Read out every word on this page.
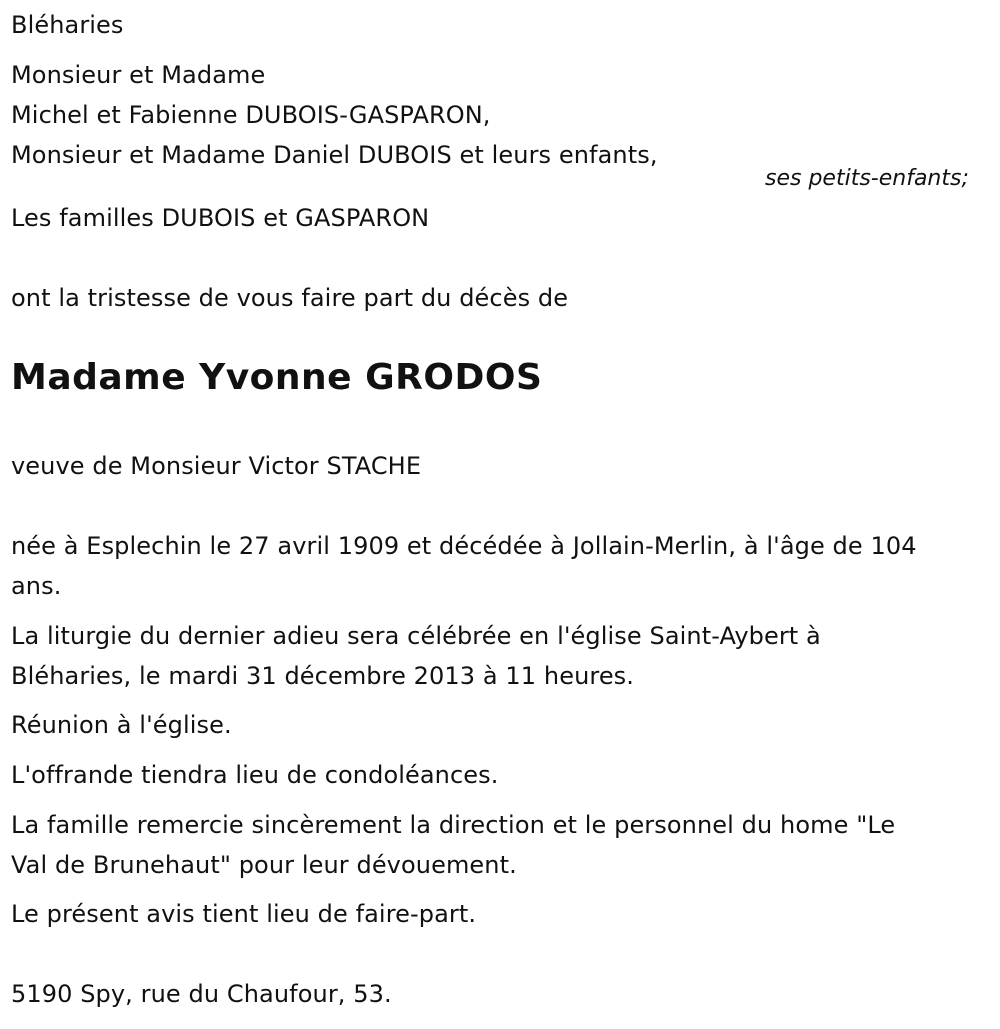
Bléharies
Monsieur et Madame
Michel et Fabienne DUBOIS-GASPARON,
Monsieur et Madame Daniel DUBOIS et leurs enfants,
ses petits-enfants;
Les familles DUBOIS et GASPARON
ont la tristesse de vous faire part du décès de
Madame Yvonne GRODOS
veuve de Monsieur Victor STACHE
née à Esplechin le 27 avril 1909 et décédée à Jollain-Merlin, à l'âge de 104
ans.
La liturgie du dernier adieu sera célébrée en l'église Saint-Aybert à
Bléharies, le mardi 31 décembre 2013 à 11 heures.
Réunion à l'église.
L'offrande tiendra lieu de condoléances.
La famille remercie sincèrement la direction et le personnel du home "Le
Val de Brunehaut" pour leur dévouement.
Le présent avis tient lieu de faire-part.
5190 Spy, rue du Chaufour, 53.
